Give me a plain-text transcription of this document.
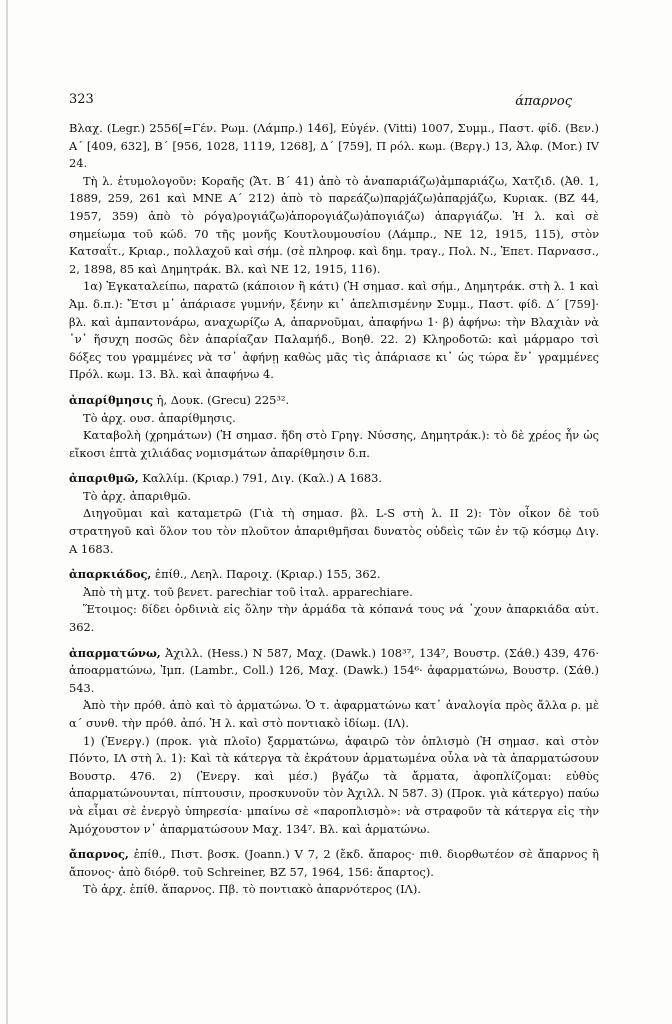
323	άπαρνος

Βλαχ. (Legr.) 2556[=Γέν. Ρωμ. (Λάμπρ.) 146], Εὐγέν. (Vitti) 1007, Συμμ., Παστ. φίδ. (Βεν.) Α΄ [409, 632], Β΄ [956, 1028, 1119, 1268], Δ΄ [759], Π ρόλ. κωμ. (Βεργ.) 13, Ἀλφ. (Mor.) IV 24.

Τὴ λ. ἐτυμολογοῦν: Κοραῆς (Ἄτ. Β΄ 41) ἀπὸ τὸ ἀναπαριάζω)ἀμπαριάζω, Χατζιδ. (Ἀθ. 1, 1889, 259, 261 καὶ ΜΝΕ Α΄ 212) ἀπὸ τὸ παρεάζω)παρjάζω)ἀπαρjάζω, Κυριακ. (ΒΖ 44, 1957, 359) ἀπὸ τὸ ρόγα)ρογιάζω)ἀπορογιάζω)ἀπογιάζω) ἀπαργιάζω. Ἡ λ. καὶ σὲ σημείωμα τοῦ κώδ. 70 τῆς μονῆς Κουτλουμουσίου (Λάμπρ., ΝΕ 12, 1915, 115), στὸν Κατσαΐτ., Κριαρ., πολλαχοῦ καὶ σήμ. (σὲ πληροφ. καὶ δημ. τραγ., Πολ. Ν., Ἐπετ. Παρνασσ., 2, 1898, 85 καὶ Δημητράκ. Βλ. καὶ ΝΕ 12, 1915, 116).

1α) Ἐγκαταλείπω, παρατῶ (κάποιον ἢ κάτι) (Ἡ σημασ. καὶ σήμ., Δημητράκ. στὴ λ. 1 καὶ Ἀμ. δ.π.): Ἔτσι μ᾽ ἀπάριασε γυμνήν, ξένην κι᾽ ἀπελπισμένην Συμμ., Παστ. φίδ. Δ΄ [759]· βλ. καὶ ἀμπαντονάρω, αναχωρίζω Α, ἀπαρνοῦμαι, ἀπαφήνω 1· β) ἀφήνω: τὴν Βλαχιὰν νὰ ᾽ν᾽ ἥσυχη ποσῶς δὲν ἀπαρίαζαν Παλαμήδ., Βοηθ. 22. 2) Κληροδοτῶ: καὶ μάρμαρο τσὶ δόξες του γραμμένες νὰ τσ᾽ ἀφήνῃ καθὼς μᾶς τὶς ἀπάριασε κι᾽ ὡς τώρα ἔν᾽ γραμμένες Πρόλ. κωμ. 13. Βλ. καὶ ἀπαφήνω 4.

ἀπαρίθμησις ἡ, Δουκ. (Grecu) 225³².

Τὸ ἀρχ. ουσ. ἀπαρίθμησις.

Καταβολὴ (χρημάτων) (Ἡ σημασ. ἤδη στὸ Γρηγ. Νύσσης, Δημητράκ.): τὸ δὲ χρέος ἦν ὡς εἴκοσι ἑπτὰ χιλιάδας νομισμάτων ἀπαρίθμησιν δ.π.

ἀπαριθμῶ, Καλλίμ. (Κριαρ.) 791, Διγ. (Καλ.) Α 1683.

Τὸ ἀρχ. ἀπαριθμῶ.

Διηγοῦμαι καὶ καταμετρῶ (Γιὰ τὴ σημασ. βλ. L-S στὴ λ. ΙΙ 2): Τὸν οἶκον δὲ τοῦ στρατηγοῦ καὶ ὅλον του τὸν πλοῦτον ἀπαριθμῆσαι δυνατὸς οὐδεὶς τῶν ἐν τῷ κόσμῳ Διγ. Α 1683.

ἀπαρκιάδος, ἐπίθ., Λεηλ. Παροιχ. (Κριαρ.) 155, 362.

Ἀπὸ τὴ μτχ. τοῦ βενετ. parechiar τοῦ ἰταλ. apparechiare.

Ἕτοιμος: δίδει ὁρδινιὰ εἰς ὅλην τὴν ἀρμάδα τὰ κόπανά τους νά ᾽χουν ἀπαρκιάδα αὐτ. 362.

ἀπαρματώνω, Ἀχιλλ. (Hess.) Ν 587, Μαχ. (Dawk.) 108³⁷, 134⁷, Βουστρ. (Σάθ.) 439, 476· ἀποαρματώνω, Ἰμπ. (Lambr., Coll.) 126, Μαχ. (Dawk.) 154⁶· ἀφαρματώνω, Βουστρ. (Σάθ.) 543.

Ἀπὸ τὴν πρόθ. ἀπὸ καὶ τὸ ἀρματώνω. Ὁ τ. ἀφαρματώνω κατ᾽ ἀναλογία πρὸς ἄλλα ρ. μὲ α΄ συνθ. τὴν πρόθ. ἀπό. Ἡ λ. καὶ στὸ ποντιακὸ ἰδίωμ. (ΙΛ).

1) (Ἐνεργ.) (προκ. γιὰ πλοῖο) ξαρματώνω, ἀφαιρῶ τὸν ὁπλισμὸ (Ἡ σημασ. καὶ στὸν Πόντο, ΙΛ στὴ λ. 1): Καὶ τὰ κάτεργα τὰ ἐκράτουν ἀρματωμένα οὖλα νὰ τὰ ἀπαρματώσουν Βουστρ. 476. 2) (Ἐνεργ. καὶ μέσ.) βγάζω τὰ ἄρματα, ἀφοπλίζομαι: εὐθὺς ἀπαρματώνουνται, πίπτουσιν, προσκυνοῦν τὸν Ἀχιλλ. Ν 587. 3) (Προκ. γιὰ κάτεργο) παύω νὰ εἶμαι σὲ ἐνεργὸ ὑπηρεσία· μπαίνω σὲ «παροπλισμὸ»: νὰ στραφοῦν τὰ κάτεργα εἰς τὴν Ἀμόχουστον ν᾽ ἀπαρματώσουν Μαχ. 134⁷. Βλ. καὶ ἀρματώνω.

ἄπαρνος, ἐπίθ., Πιστ. βοσκ. (Joann.) V 7, 2 (ἔκδ. ἄπαρος· πιθ. διορθωτέον σὲ ἄπαρνος ἢ ἄπονος· ἀπὸ διόρθ. τοῦ Schreiner, ΒΖ 57, 1964, 156: ἄπαρτος).

Τὸ ἀρχ. ἐπίθ. ἄπαρνος. Πβ. τὸ ποντιακὸ ἀπαρνότερος (ΙΛ).
